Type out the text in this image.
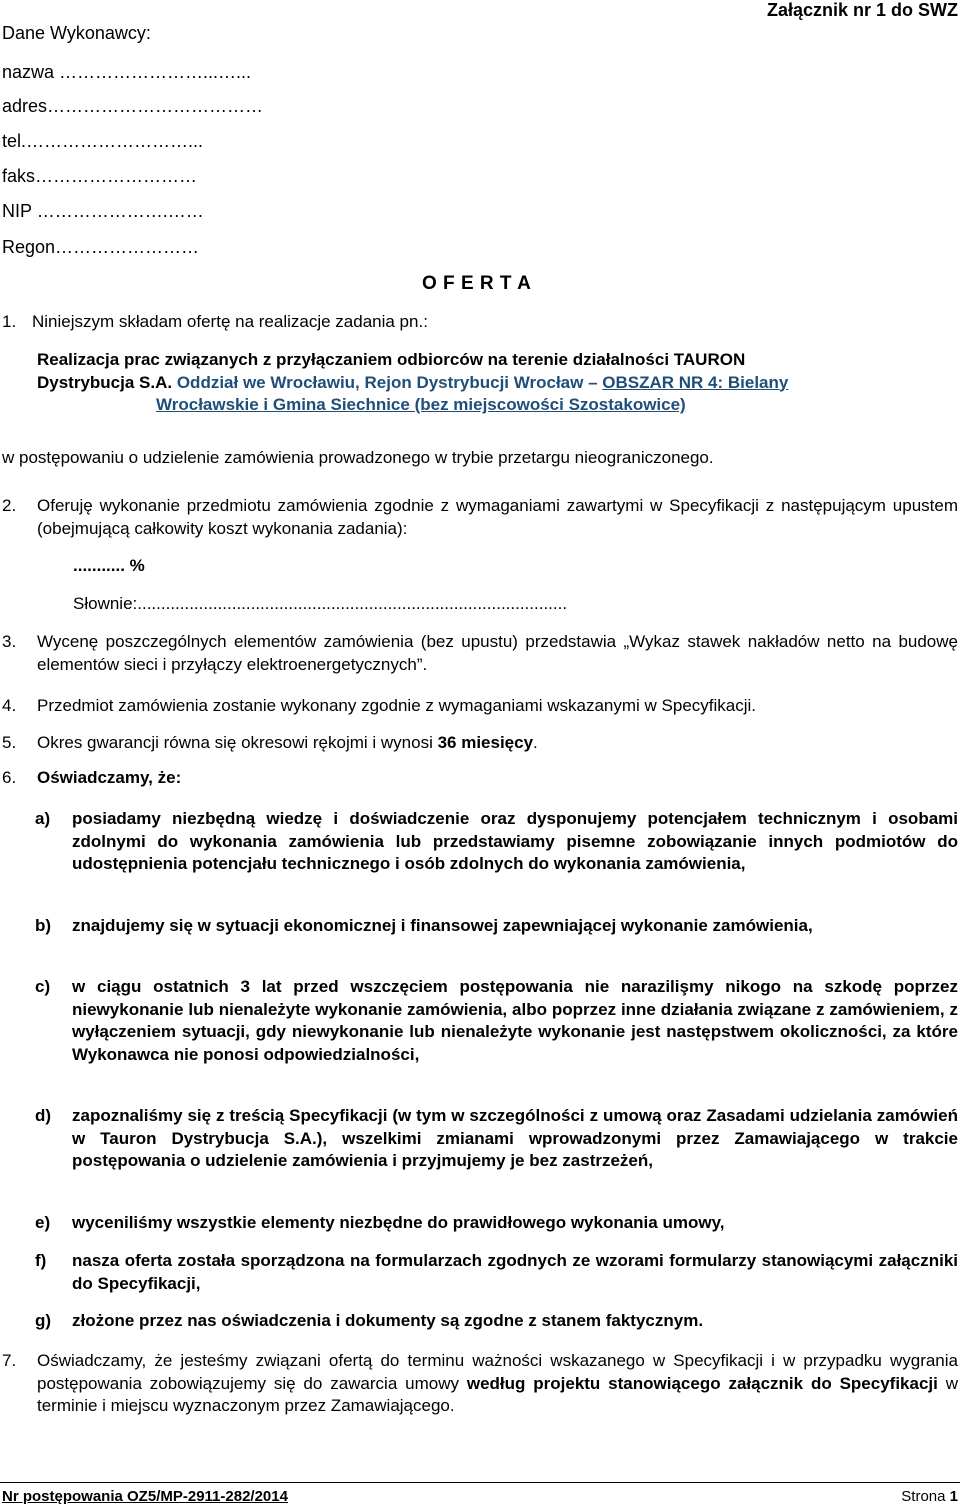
Dane Wykonawcy:
Załącznik nr 1 do SWZ
nazwa ……………………...…...
adres………………………………
tel.………………………...
faks………………………
NIP ………………….……
Regon……………………
O F E R T A
1. Niniejszym składam ofertę na realizacje zadania pn.:
Realizacja prac związanych z przyłączaniem odbiorców na terenie działalności TAURON
Dystrybucja S.A. Oddział we Wrocławiu, Rejon Dystrybucji Wrocław – OBSZAR NR 4: Bielany
Wrocławskie i Gmina Siechnice (bez miejscowości Szostakowice)
w postępowaniu o udzielenie zamówienia prowadzonego w trybie przetargu nieograniczonego.
2.	Oferuję wykonanie przedmiotu zamówienia zgodnie z wymaganiami zawartymi w Specyfikacji z następującym upustem (obejmującą całkowity koszt wykonania zadania):
........... %
Słownie:...........................................................................................
3.	Wycenę poszczególnych elementów zamówienia (bez upustu) przedstawia „Wykaz stawek nakładów netto na budowę elementów sieci i przyłączy elektroenergetycznych”.
4.	Przedmiot zamówienia zostanie wykonany zgodnie z wymaganiami wskazanymi w Specyfikacji.
5.	Okres gwarancji równa się okresowi rękojmi i wynosi 36 miesięcy.
6.	Oświadczamy, że:
a)	posiadamy niezbędną wiedzę i doświadczenie oraz dysponujemy potencjałem technicznym i osobami zdolnymi do wykonania zamówienia lub przedstawiamy pisemne zobowiązanie innych podmiotów do udostępnienia potencjału technicznego i osób zdolnych do wykonania zamówienia,
b)	znajdujemy się w sytuacji ekonomicznej i finansowej zapewniającej wykonanie zamówienia,
c)	w ciągu ostatnich 3 lat przed wszczęciem postępowania nie narazilişmy nikogo na szkodę poprzez niewykonanie lub nienależyte wykonanie zamówienia, albo poprzez inne działania związane z zamówieniem, z wyłączeniem sytuacji, gdy niewykonanie lub nienależyte wykonanie jest następstwem okoliczności, za które Wykonawca nie ponosi odpowiedzialności,
d)	zapoznaliśmy się z treścią Specyfikacji (w tym w szczególności z umową oraz Zasadami udzielania zamówień w Tauron Dystrybucja S.A.), wszelkimi zmianami wprowadzonymi przez Zamawiającego w trakcie postępowania o udzielenie zamówienia i przyjmujemy je bez zastrzeżeń,
e)	wyceniliśmy wszystkie elementy niezbędne do prawidłowego wykonania umowy,
f)	nasza oferta została sporządzona na formularzach zgodnych ze wzorami formularzy stanowiącymi załączniki do Specyfikacji,
g)	złożone przez nas oświadczenia i dokumenty są zgodne z stanem faktycznym.
7.	Oświadczamy, że jesteśmy związani ofertą do terminu ważności wskazanego w Specyfikacji i w przypadku wygrania postępowania zobowiązujemy się do zawarcia umowy według projektu stanowiącego załącznik do Specyfikacji w terminie i miejscu wyznaczonym przez Zamawiającego.
Nr postępowania OZ5/MP-2911-282/2014	Strona 1
